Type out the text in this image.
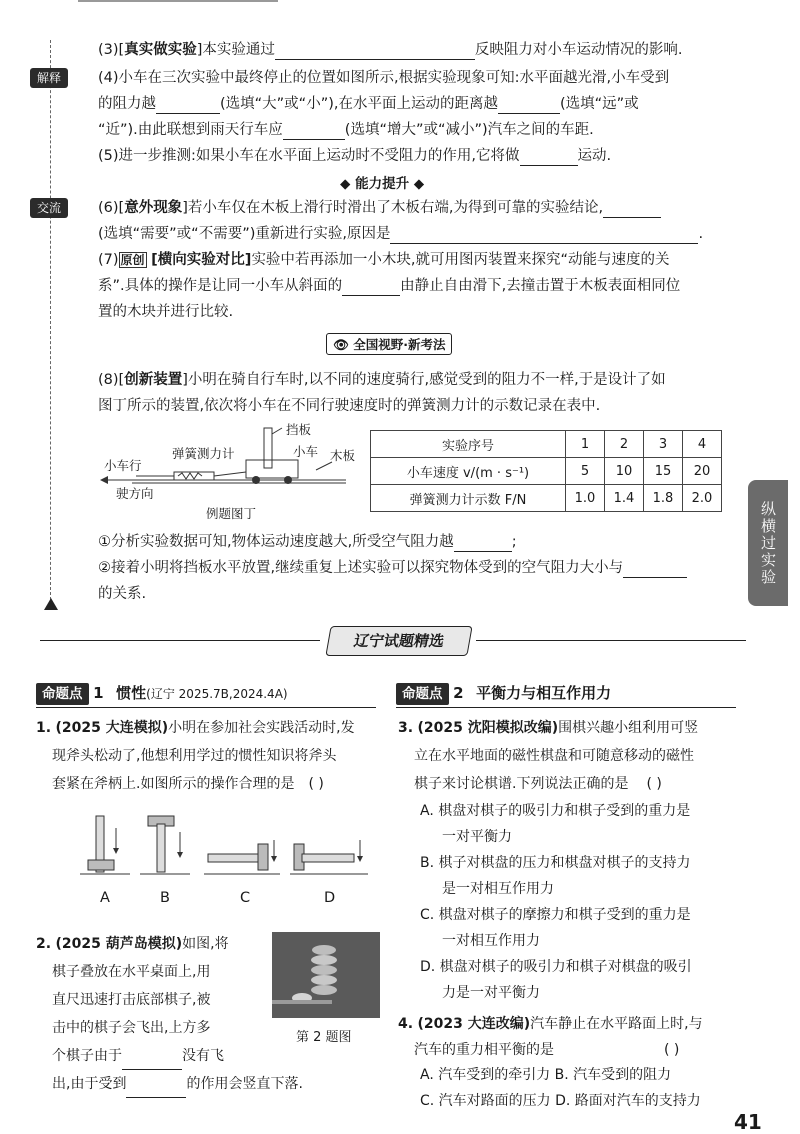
(3)[真实做实验]本实验通过	反映阻力对小车运动情况的影响.
解释	(4)小车在三次实验中最终停止的位置如图所示,根据实验现象可知:水平面越光滑,小车受到
的阻力越	(选填“大”或“小”),在水平面上运动的距离越	(选填“远”或
“近”).由此联想到雨天行车应	(选填“增大”或“减小”)汽车之间的车距.
(5)进一步推测:如果小车在水平面上运动时不受阻力的作用,它将做	运动.
◆ 能力提升 ◆
交流	(6)[意外现象]若小车仅在木板上滑行时滑出了木板右端,为得到可靠的实验结论,
(选填“需要”或“不需要”)重新进行实验,原因是	.
(7) 原创 [横向实验对比]实验中若再添加一小木块,就可用图丙装置来探究“动能与速度的关
系”.具体的操作是让同一小车从斜面的	由静止自由滑下,去撞击置于木板表面相同位
置的木块并进行比较.
👁 全国视野·新考法
(8)[创新装置]小明在骑自行车时,以不同的速度骑行,感觉受到的阻力不一样,于是设计了如
图丁所示的装置,依次将小车在不同行驶速度时的弹簧测力计的示数记录在表中.
挡板
弹簧测力计	小车 木板
小车行
驶方向
例题图丁
实验序号	1	2	3	4
小车速度 v/(m · s⁻¹)	5	10	15	20
弹簧测力计示数 F/N	1.0	1.4	1.8	2.0
①分析实验数据可知,物体运动速度越大,所受空气阻力越	;
②接着小明将挡板水平放置,继续重复上述实验可以探究物体受到的空气阻力大小与
的关系.
纵横过实验
辽宁试题精选
命题点 1 惯性(辽宁 2025.7B,2024.4A)
1. (2025 大连模拟)小明在参加社会实践活动时,发
现斧头松动了,他想利用学过的惯性知识将斧头
套紧在斧柄上.如图所示的操作合理的是 ( )
A	B	C	D
2. (2025 葫芦岛模拟)如图,将
棋子叠放在水平桌面上,用
直尺迅速打击底部棋子,被
击中的棋子会飞出,上方多
个棋子由于	没有飞
出,由于受到	的作用会竖直下落.
第 2 题图
命题点 2 平衡力与相互作用力
3. (2025 沈阳模拟改编)围棋兴趣小组利用可竖
立在水平地面的磁性棋盘和可随意移动的磁性
棋子来讨论棋谱.下列说法正确的是 ( )
A. 棋盘对棋子的吸引力和棋子受到的重力是
一对平衡力
B. 棋子对棋盘的压力和棋盘对棋子的支持力
是一对相互作用力
C. 棋盘对棋子的摩擦力和棋子受到的重力是
一对相互作用力
D. 棋盘对棋子的吸引力和棋子对棋盘的吸引
力是一对平衡力
4. (2023 大连改编)汽车静止在水平路面上时,与
汽车的重力相平衡的是	( )
A. 汽车受到的牵引力 B. 汽车受到的阻力
C. 汽车对路面的压力 D. 路面对汽车的支持力
41
